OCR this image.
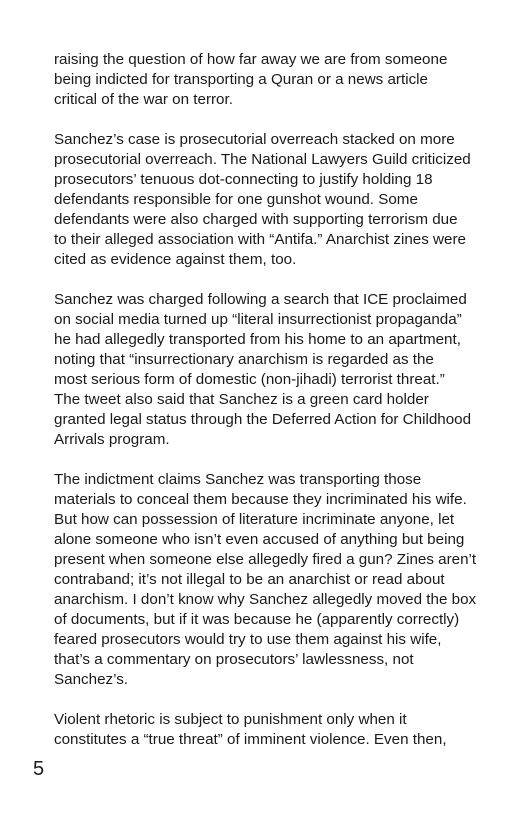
raising the question of how far away we are from someone
being indicted for transporting a Quran or a news article
critical of the war on terror.

Sanchez’s case is prosecutorial overreach stacked on more
prosecutorial overreach. The National Lawyers Guild criticized
prosecutors’ tenuous dot-connecting to justify holding 18
defendants responsible for one gunshot wound. Some
defendants were also charged with supporting terrorism due
to their alleged association with “Antifa.” Anarchist zines were
cited as evidence against them, too.

Sanchez was charged following a search that ICE proclaimed
on social media turned up “literal insurrectionist propaganda”
he had allegedly transported from his home to an apartment,
noting that “insurrectionary anarchism is regarded as the
most serious form of domestic (non-jihadi) terrorist threat.”
The tweet also said that Sanchez is a green card holder
granted legal status through the Deferred Action for Childhood
Arrivals program.

The indictment claims Sanchez was transporting those
materials to conceal them because they incriminated his wife.
But how can possession of literature incriminate anyone, let
alone someone who isn’t even accused of anything but being
present when someone else allegedly fired a gun? Zines aren’t
contraband; it’s not illegal to be an anarchist or read about
anarchism. I don’t know why Sanchez allegedly moved the box
of documents, but if it was because he (apparently correctly)
feared prosecutors would try to use them against his wife,
that’s a commentary on prosecutors’ lawlessness, not
Sanchez’s.

Violent rhetoric is subject to punishment only when it
constitutes a “true threat” of imminent violence. Even then,

5
